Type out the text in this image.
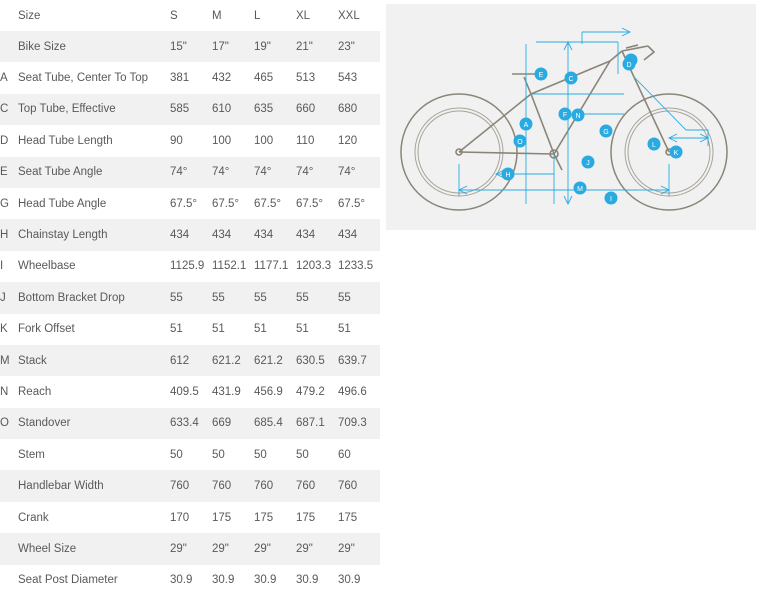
	Size	S	M	L	XL	XXL
	Bike Size	15"	17"	19"	21"	23"
A	Seat Tube, Center To Top	381	432	465	513	543
C	Top Tube, Effective	585	610	635	660	680
D	Head Tube Length	90	100	100	110	120
E	Seat Tube Angle	74°	74°	74°	74°	74°
G	Head Tube Angle	67.5°	67.5°	67.5°	67.5°	67.5°
H	Chainstay Length	434	434	434	434	434
I	Wheelbase	1125.9	1152.1	1177.1	1203.3	1233.5
J	Bottom Bracket Drop	55	55	55	55	55
K	Fork Offset	51	51	51	51	51
M	Stack	612	621.2	621.2	630.5	639.7
N	Reach	409.5	431.9	456.9	479.2	496.6
O	Standover	633.4	669	685.4	687.1	709.3
	Stem	50	50	50	50	60
	Handlebar Width	760	760	760	760	760
	Crank	170	175	175	175	175
	Wheel Size	29"	29"	29"	29"	29"
	Seat Post Diameter	30.9	30.9	30.9	30.9	30.9
A
C
D
E
F
G
H
I
J
K
L
M
N
O
